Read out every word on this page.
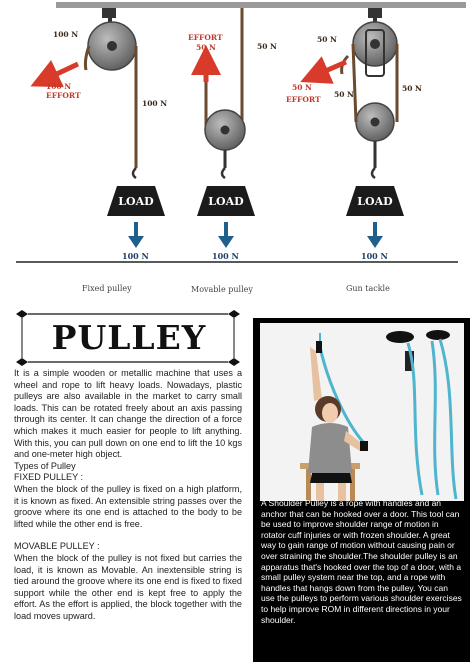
LOAD	LOAD	LOAD
100 N
100 N
EFFORT
100 N
100 N
Fixed pulley
EFFORT
50 N	50 N
100 N
Movable pulley
50 N
50 N
EFFORT
50 N
50 N
100 N
Gun tackle
PULLEY

It is a simple wooden or metallic machine that uses a wheel and rope to lift heavy loads. Nowadays, plastic pulleys are also available in the market to carry small loads. This can be rotated freely about an axis passing through its center. It can change the direction of a force which makes it much easier for people to lift anything. With this, you can pull down on one end to lift the 10 kgs and one-meter high object.

Types of Pulley

FIXED PULLEY :

When the block of the pulley is fixed on a high platform, it is known as fixed. An extensible string passes over the groove where its one end is attached to the body to be lifted while the other end is free.

MOVABLE PULLEY :

When the block of the pulley is not fixed but carries the load, it is known as Movable. An inextensible string is tied around the groove where its one end is fixed to fixed support while the other end is kept free to apply the effort. As the effort is applied, the block together with the load moves upward.

A Shoulder Pulley is a rope with handles and an anchor that can be hooked over a door. This tool can be used to improve shoulder range of motion in rotator cuff injuries or with frozen shoulder. A great way to gain range of motion without causing pain or over straining the shoulder.The shoulder pulley is an apparatus that's hooked over the top of a door, with a small pulley system near the top, and a rope with handles that hangs down from the pulley. You can use the pulleys to perform various shoulder exercises to help improve ROM in different directions in your shoulder.
